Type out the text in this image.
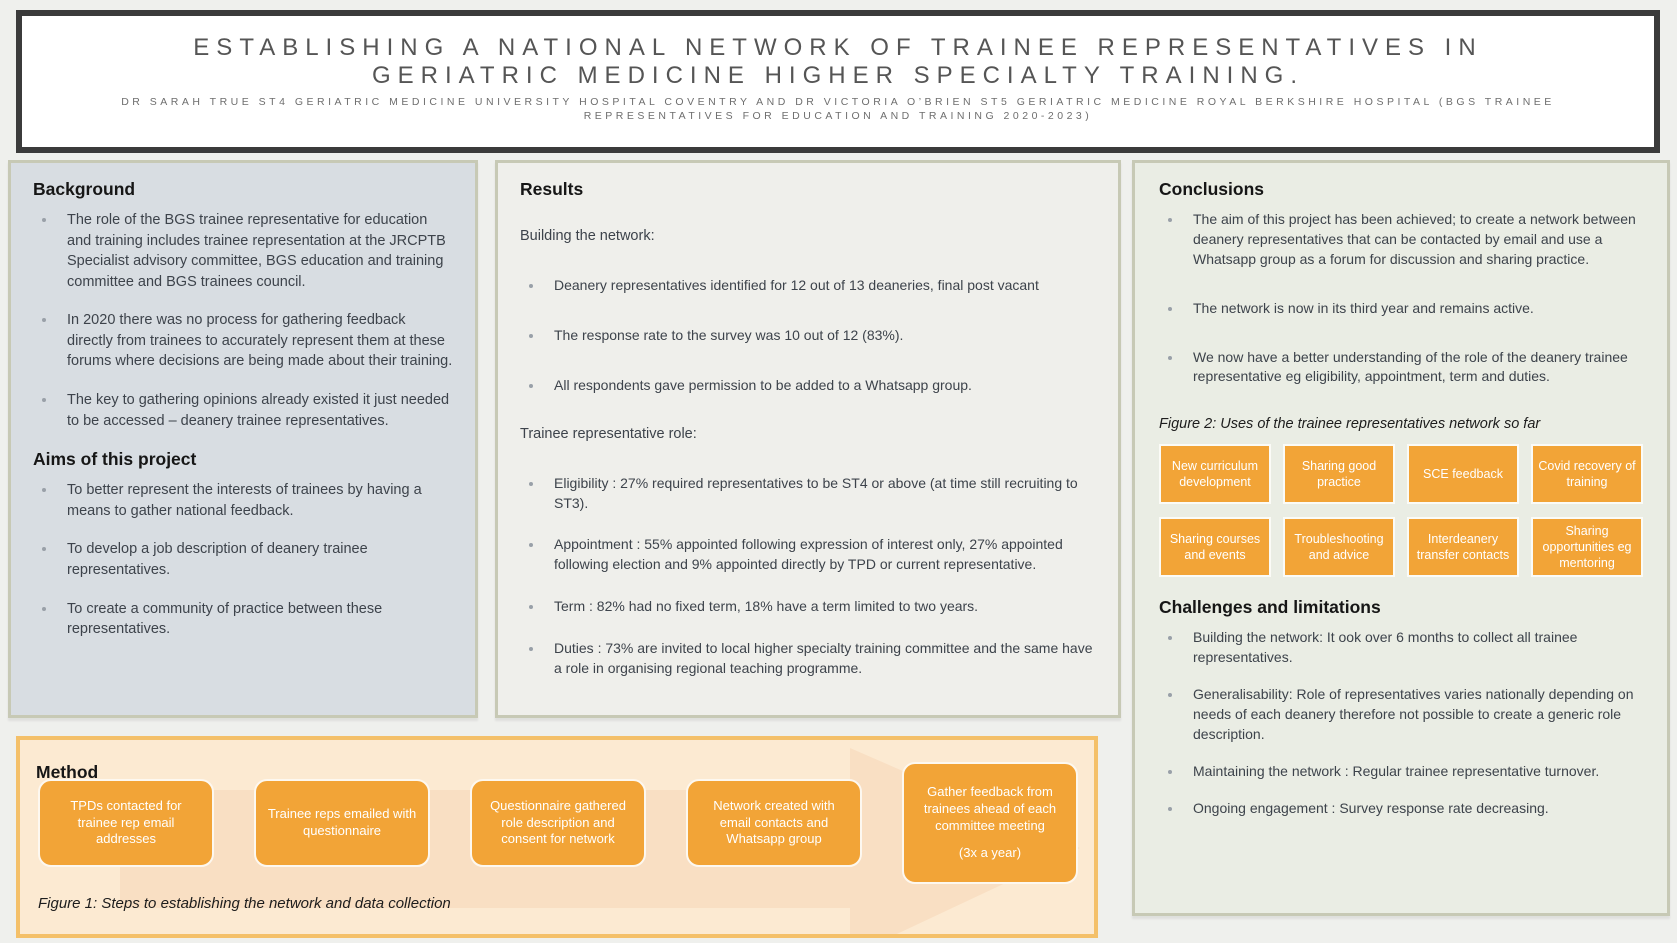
ESTABLISHING A NATIONAL NETWORK OF TRAINEE REPRESENTATIVES IN
GERIATRIC MEDICINE HIGHER SPECIALTY TRAINING.
DR SARAH TRUE ST4 GERIATRIC MEDICINE UNIVERSITY HOSPITAL COVENTRY AND DR VICTORIA O’BRIEN ST5 GERIATRIC MEDICINE ROYAL BERKSHIRE HOSPITAL (BGS TRAINEE REPRESENTATIVES FOR EDUCATION AND TRAINING 2020-2023)
Background
The role of the BGS trainee representative for education and training includes trainee representation at the JRCPTB Specialist advisory committee, BGS education and training committee and BGS trainees council.
In 2020 there was no process for gathering feedback directly from trainees to accurately represent them at these forums where decisions are being made about their training.
The key to gathering opinions already existed it just needed to be accessed – deanery trainee representatives.
Aims of this project
To better represent the interests of trainees by having a means to gather national feedback.
To develop a job description of deanery trainee representatives.
To create a community of practice between these representatives.
Results

Building the network:

Deanery representatives identified for 12 out of 13 deaneries, final post vacant
The response rate to the survey was 10 out of 12 (83%).
All respondents gave permission to be added to a Whatsapp group.

Trainee representative role:

Eligibility : 27% required representatives to be ST4 or above (at time still recruiting to ST3).
Appointment : 55% appointed following expression of interest only, 27% appointed following election and 9% appointed directly by TPD or current representative.
Term : 82% had no fixed term, 18% have a term limited to two years.
Duties : 73% are invited to local higher specialty training committee and the same have a role in organising regional teaching programme.
Conclusions
The aim of this project has been achieved; to create a network between deanery representatives that can be contacted by email and use a Whatsapp group as a forum for discussion and sharing practice.
The network is now in its third year and remains active.
We now have a better understanding of the role of the deanery trainee representative eg eligibility, appointment, term and duties.

Figure 2: Uses of the trainee representatives network so far

New curriculum development
Sharing good practice
SCE feedback
Covid recovery of training
Sharing courses and events
Troubleshooting and advice
Interdeanery transfer contacts
Sharing opportunities eg mentoring
Challenges and limitations
Building the network: It ook over 6 months to collect all trainee representatives.
Generalisability: Role of representatives varies nationally depending on needs of each deanery therefore not possible to create a generic role description.
Maintaining the network : Regular trainee representative turnover.
Ongoing engagement : Survey response rate decreasing.
Method
TPDs contacted for trainee rep email addresses
Trainee reps emailed with questionnaire
Questionnaire gathered role description and consent for network
Network created with email contacts and Whatsapp group
Gather feedback from trainees ahead of each committee meeting
(3x a year)

Figure 1: Steps to establishing the network and data collection
